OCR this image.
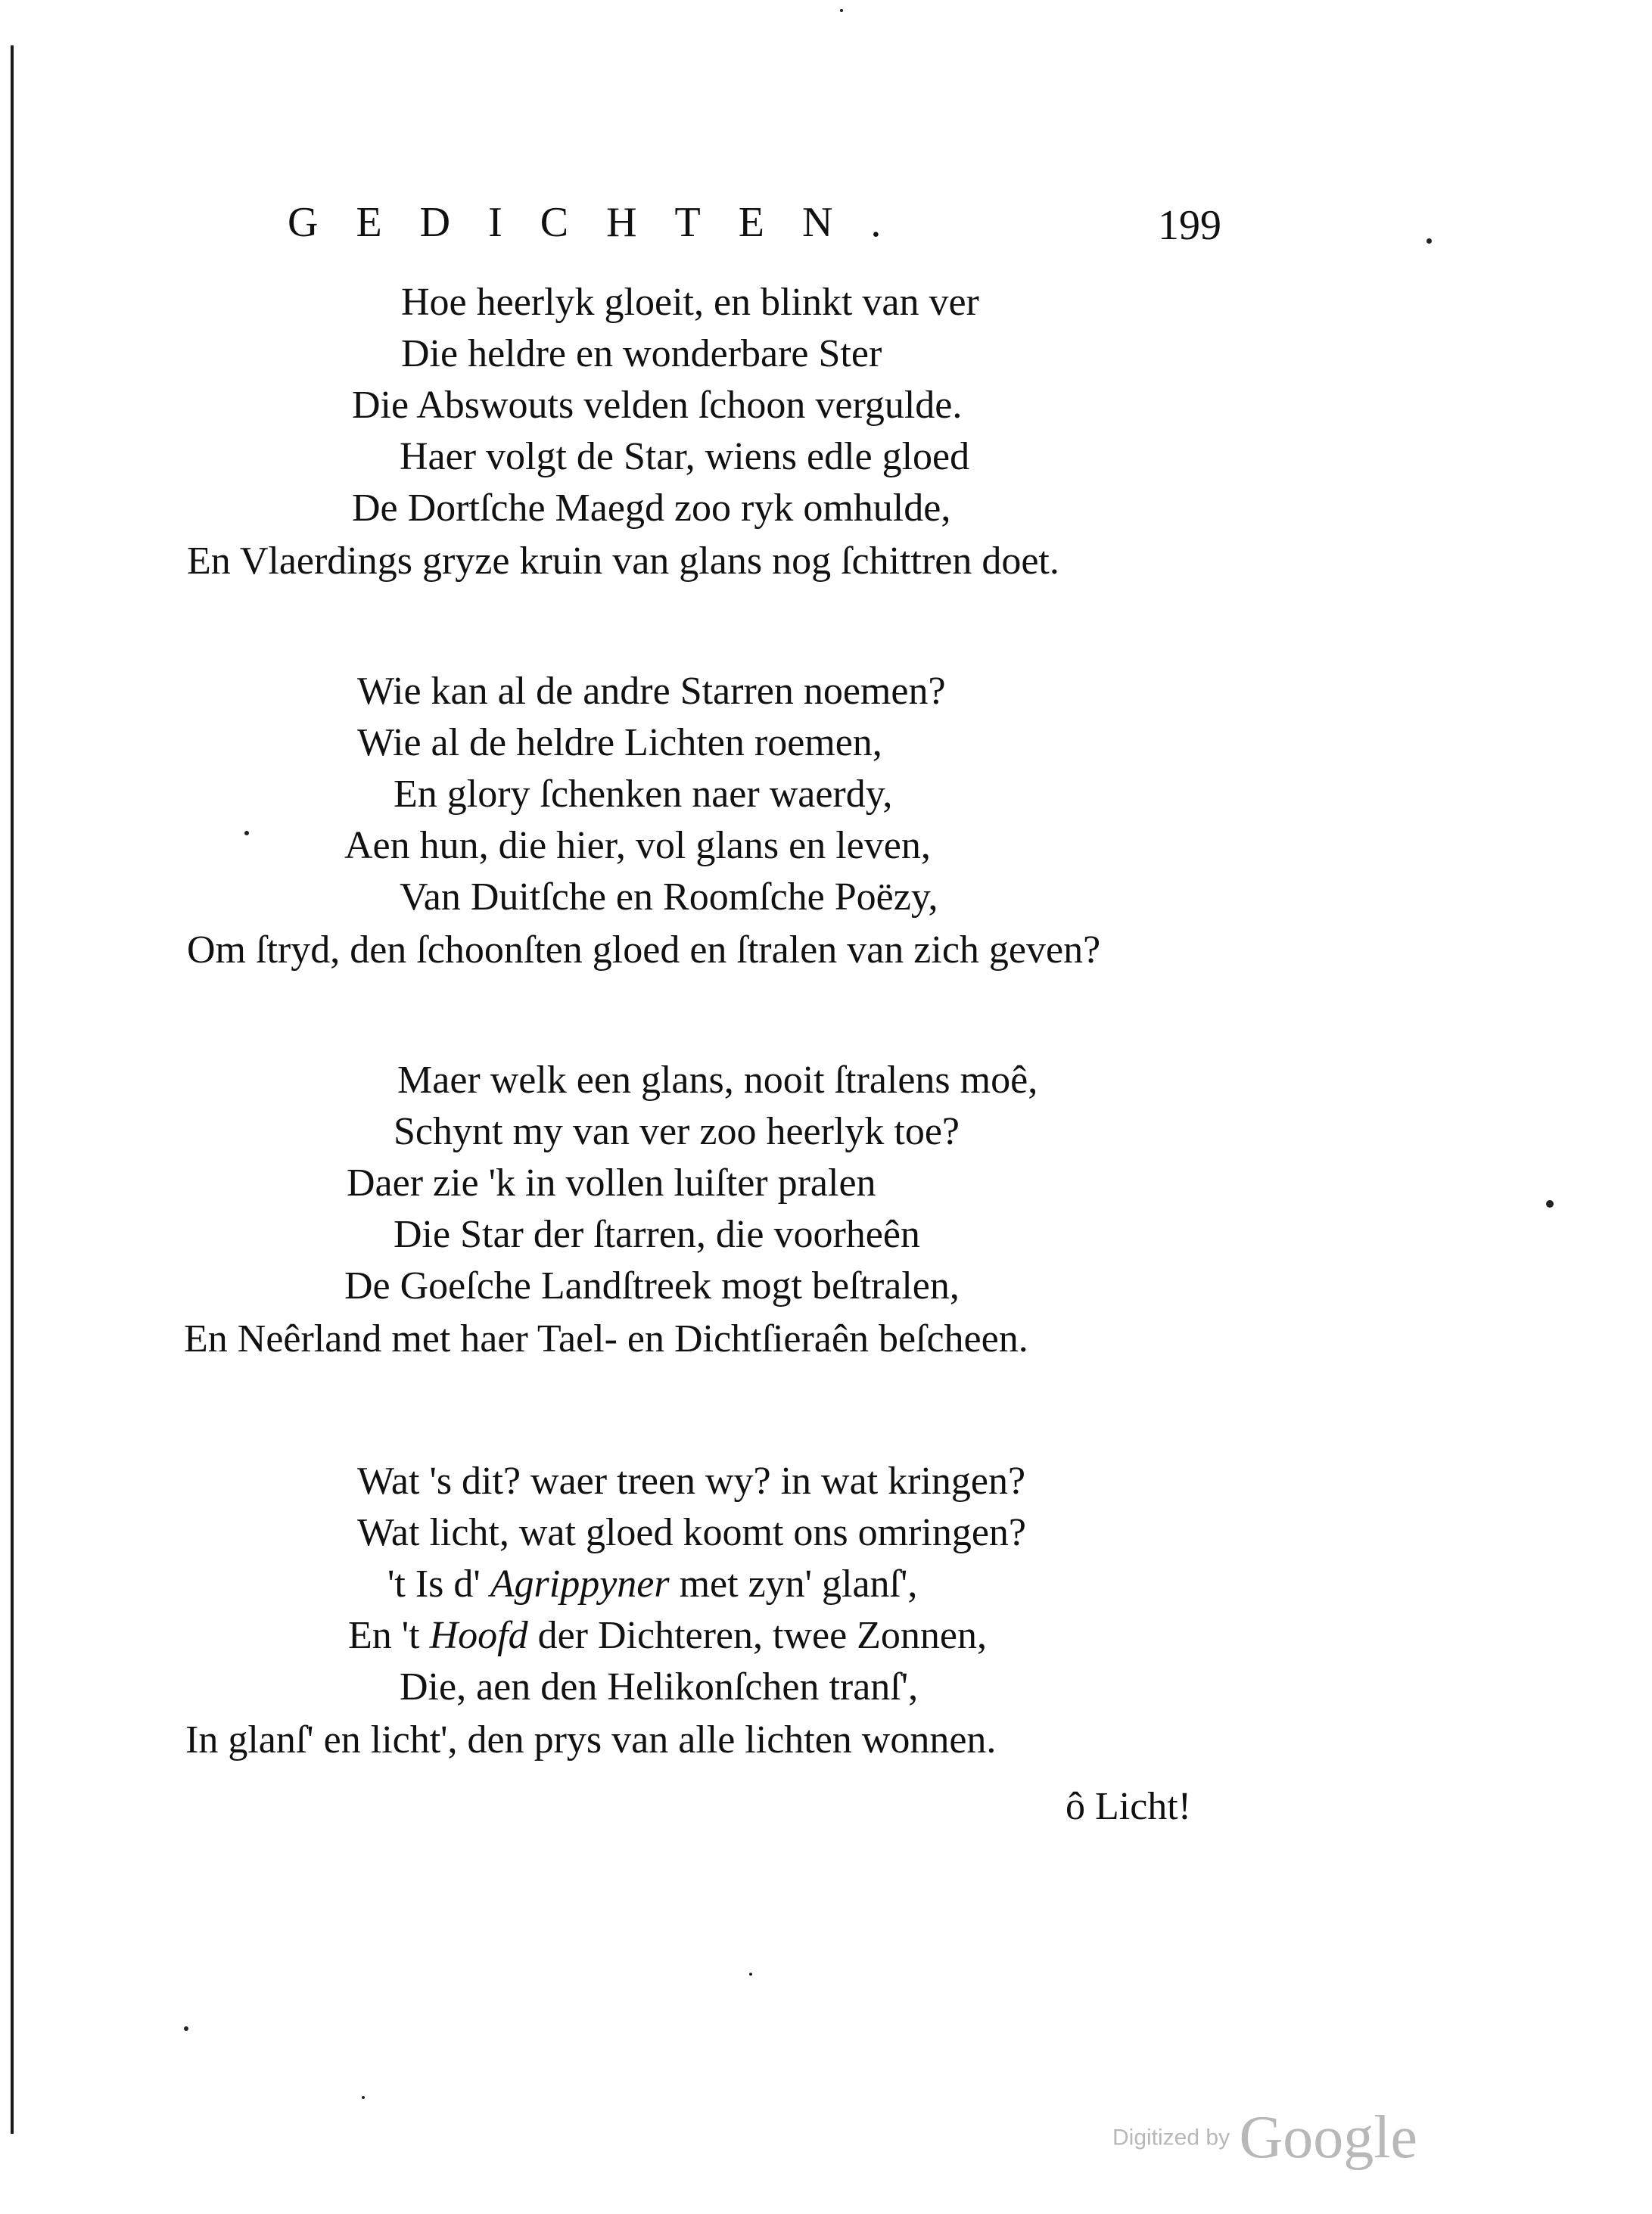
GEDICHTEN.	199
Hoe heerlyk gloeit, en blinkt van ver
Die heldre en wonderbare Ster
Die Abswouts velden ſchoon vergulde.
Haer volgt de Star, wiens edle gloed
De Dortſche Maegd zoo ryk omhulde,
En Vlaerdings gryze kruin van glans nog ſchittren doet.
Wie kan al de andre Starren noemen?
Wie al de heldre Lichten roemen,
En glory ſchenken naer waerdy,
Aen hun, die hier, vol glans en leven,
Van Duitſche en Roomſche Poëzy,
Om ſtryd, den ſchoonſten gloed en ſtralen van zich geven?
Maer welk een glans, nooit ſtralens moê,
Schynt my van ver zoo heerlyk toe?
Daer zie 'k in vollen luiſter pralen
Die Star der ſtarren, die voorheên
De Goeſche Landſtreek mogt beſtralen,
En Neêrland met haer Tael- en Dichtſieraên beſcheen.
Wat 's dit? waer treen wy? in wat kringen?
Wat licht, wat gloed koomt ons omringen?
't Is d' Agrippyner met zyn' glanſ',
En 't Hoofd der Dichteren, twee Zonnen,
Die, aen den Helikonſchen tranſ',
In glanſ' en licht', den prys van alle lichten wonnen.
ô Licht!
Digitized by Google
